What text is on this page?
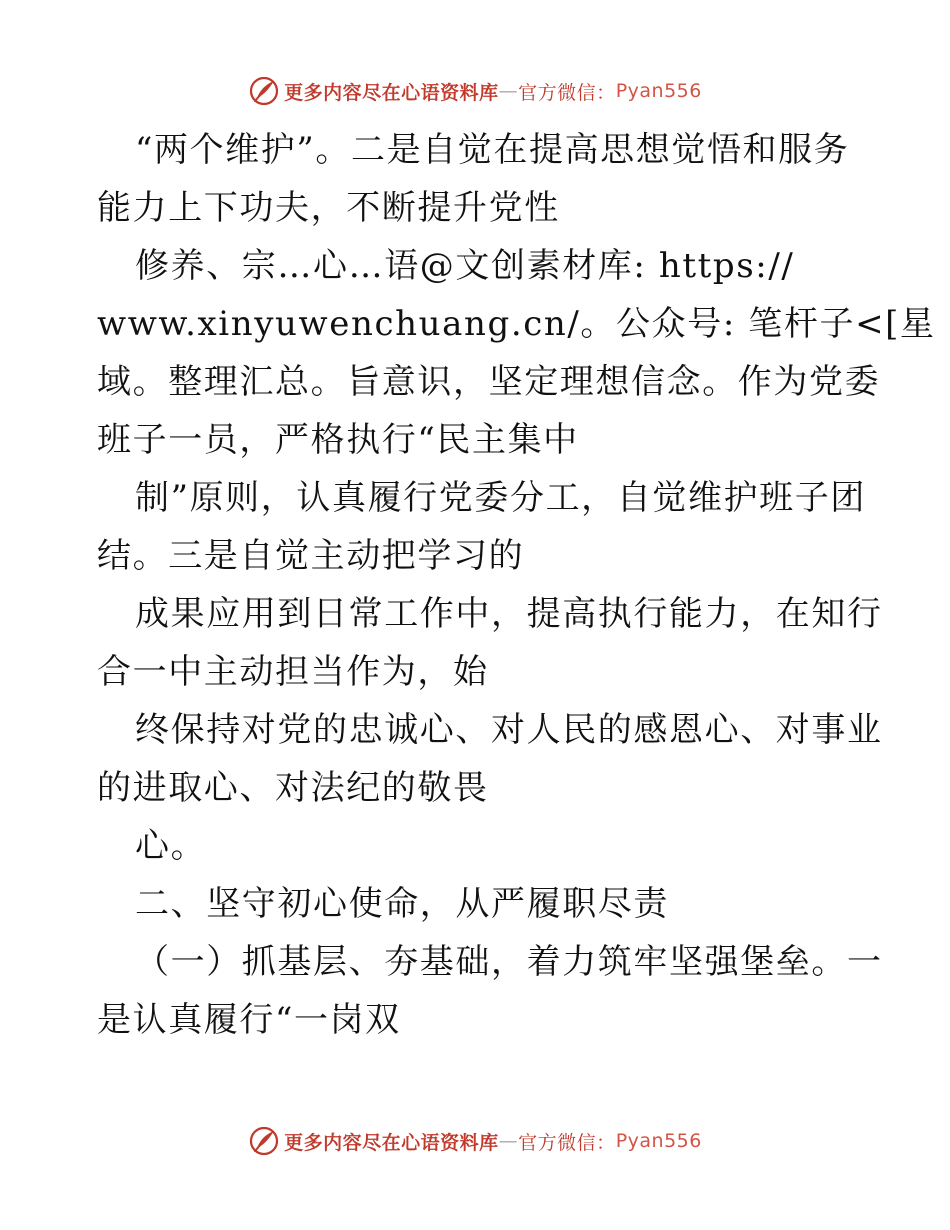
更多内容尽在心语资料库 — 官方微信： Pyan556
“两个维护”。二是自觉在提高思想觉悟和服务
能力上下功夫，不断提升党性
修养、宗…心…语@文创素材库: https://
www.xinyuwenchuang.cn/。公众号: 笔杆子<[星
域。整理汇总。旨意识，坚定理想信念。作为党委
班子一员，严格执行“民主集中
制”原则，认真履行党委分工，自觉维护班子团
结。三是自觉主动把学习的
成果应用到日常工作中，提高执行能力，在知行
合一中主动担当作为，始
终保持对党的忠诚心、对人民的感恩心、对事业
的进取心、对法纪的敬畏
心。
二、坚守初心使命，从严履职尽责
（一）抓基层、夯基础，着力筑牢坚强堡垒。一
是认真履行“一岗双
更多内容尽在心语资料库 — 官方微信： Pyan556
